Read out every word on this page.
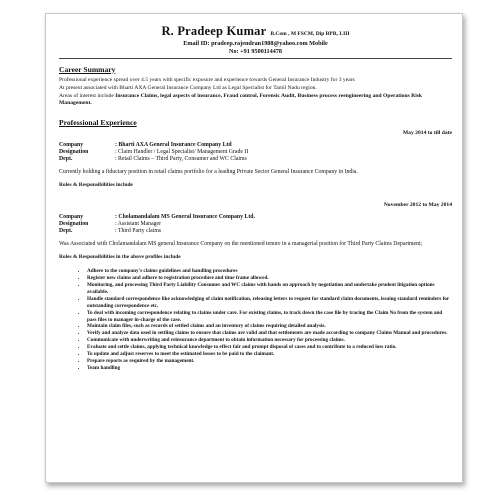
R. Pradeep Kumar B.Com , M FSCM, Dip BPR, LIII
Email ID: pradeep.rajendran1988@yahoo.com Mobile
No: +91 9500114478
Career Summary

Professional experience spread over 4.5 years with specific exposure and experience towards General Insurance Industry for 3 years

At present associated with Bharti AXA General Insurance Company Ltd as Legal Specialist for Tamil Nadu region.

Areas of interest include Insurance Claims, legal aspects of insurance, Fraud control, Forensic Audit, Business process reengineering and Operations Risk Management.

Professional Experience
May 2014 to till date
Company	: Bharti AXA General Insurance Company Ltd
Designation	: Claim Handler / Legal Specialist/ Management Grade II
Dept.	: Retail Claims – Third Party, Consumer and WC Claims

Currently holding a fiduciary position in retail claims portfolio for a leading Private Sector General Insurance Company in India.

Roles & Responsibilities include
November 2012 to May 2014
Company	: Cholamandalam MS General Insurance Company Ltd.
Designation	: Assistant Manager
Dept.	: Third Party claims

Was Associated with Cholamandalam MS general Insurance Company on the mentioned tenure in a managerial position for Third Party Claims Department;

Roles & Responsibilities in the above profiles include
• Adhere to the company's claims guidelines and handling procedures
• Register new claims and adhere to registration procedure and time frame allowed.
• Monitoring, and processing Third Party Liability Consumer and WC claims with hands on approach by negotiation and undertake prudent litigation options available.
• Handle standard correspondence like acknowledging of claim notification, releasing letters to request for standard claim documents, issuing standard reminders for outstanding correspondence etc.
• To deal with incoming correspondence relating to claims under care. For existing claims, to track down the case file by tracing the Claim No from the system and pass files to manager in-charge of the case.
• Maintain claim files, such as records of settled claims and an inventory of claims requiring detailed analysis.
• Verify and analyze data used in settling claims to ensure that claims are valid and that settlements are made according to company Claims Manual and procedures.
• Communicate with underwriting and reinsurance department to obtain information necessary for processing claims.
• Evaluate and settle claims, applying technical knowledge to effect fair and prompt disposal of cases and to contribute to a reduced loss ratio.
• To update and adjust reserves to meet the estimated losses to be paid to the claimant.
• Prepare reports as required by the management.
• Team handling
